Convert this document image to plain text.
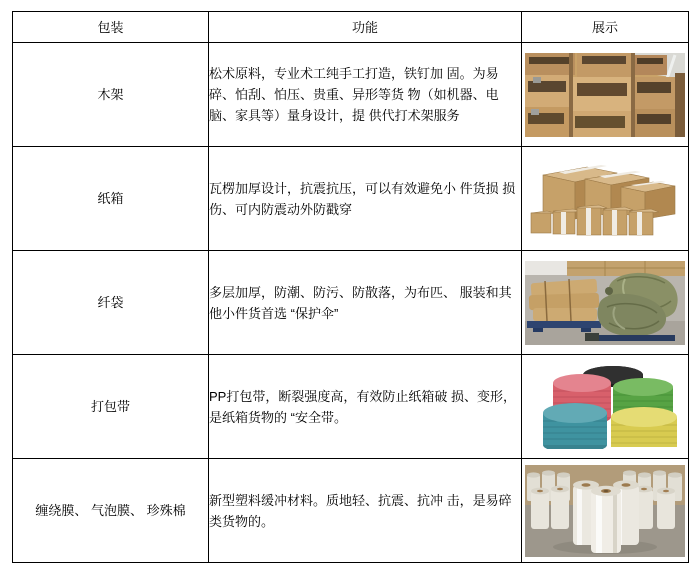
包装	功能	展示
木架	松术原料，专业术工纯手工打造，铁钉加 固。为易碎、怕刮、怕压、贵重、异形等货 物（如机器、电脑、家具等）量身设计，提 供代打术架服务	

纸箱	瓦楞加厚设计，抗震抗压，可以有效避免小 件货损 损伤、可内防震动外防戳穿	

纤袋	多层加厚，防潮、防污、防散落，为布匹、 服装和其他小件货首选 “保护伞”	

打包带	PP打包带，断裂强度高，有效防止纸箱破 损、变形，是纸箱货物的 “安全带。	

缠绕膜、 气泡膜、 珍殊棉	新型塑料缓冲材料。质地轻、抗震、抗冲 击，是易碎类货物的。	
